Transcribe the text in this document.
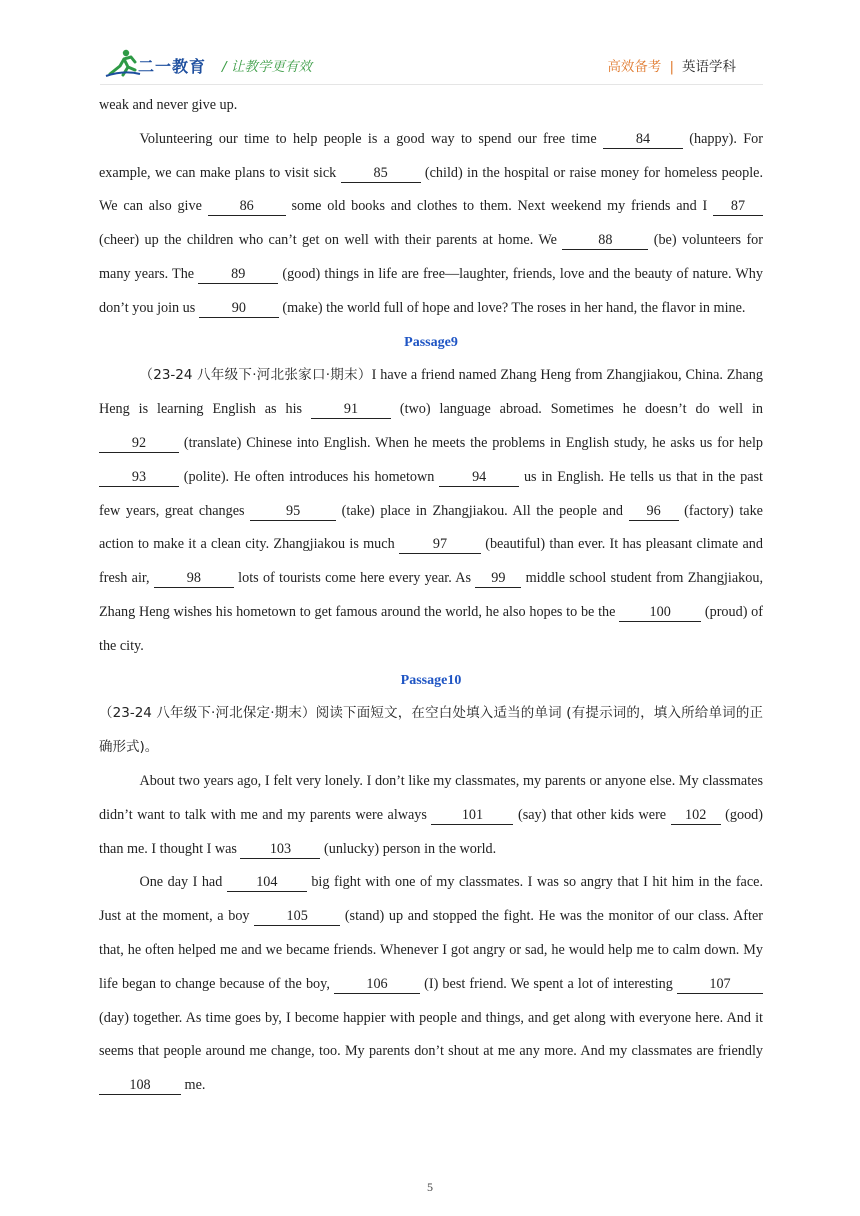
二一教育 / 让教学更有效	高效备考 | 英语学科

weak and never give up.

Volunteering our time to help people is a good way to spend our free time 84 (happy). For example, we can make plans to visit sick 85 (child) in the hospital or raise money for homeless people. We can also give 86 some old books and clothes to them. Next weekend my friends and I 87 (cheer) up the children who can’t get on well with their parents at home. We	88	(be) volunteers for many years. The 89 (good) things in life are free—laughter, friends, love and the beauty of nature. Why don’t you join us 90 (make) the world full of hope and love? The roses in her hand, the flavor in mine.

Passage9

（23-24 八年级下·河北张家口·期末）I have a friend named Zhang Heng from Zhangjiakou, China. Zhang Heng is learning English as his 91 (two) language abroad. Sometimes he doesn’t do well in 92 (translate) Chinese into English. When he meets the problems in English study, he asks us for help 93 (polite). He often introduces his hometown 94 us in English. He tells us that in the past few years, great changes	95	(take) place in Zhangjiakou. All the people and 96 (factory) take action to make it a clean city. Zhangjiakou is much 97 (beautiful) than ever. It has pleasant climate and fresh air, 98 lots of tourists come here every year. As 99 middle school student from Zhangjiakou, Zhang Heng wishes his hometown to get famous around the world, he also hopes to be the 100 (proud) of the city.

Passage10

（23-24 八年级下·河北保定·期末）阅读下面短文，在空白处填入适当的单词 (有提示词的，填入所给单词的正确形式)。

About two years ago, I felt very lonely. I don’t like my classmates, my parents or anyone else. My classmates didn’t want to talk with me and my parents were always 101 (say) that other kids were 102 (good) than me. I thought I was 103 (unlucky) person in the world.

One day I had 104 big fight with one of my classmates. I was so angry that I hit him in the face. Just at the moment, a boy 105 (stand) up and stopped the fight. He was the monitor of our class. After that, he often helped me and we became friends. Whenever I got angry or sad, he would help me to calm down. My life began to change because of the boy, 106 (I) best friend. We spent a lot of interesting 107 (day) together. As time goes by, I become happier with people and things, and get along with everyone here. And it seems that people around me change, too. My parents don’t shout at me any more. And my classmates are friendly 108 me.

5
